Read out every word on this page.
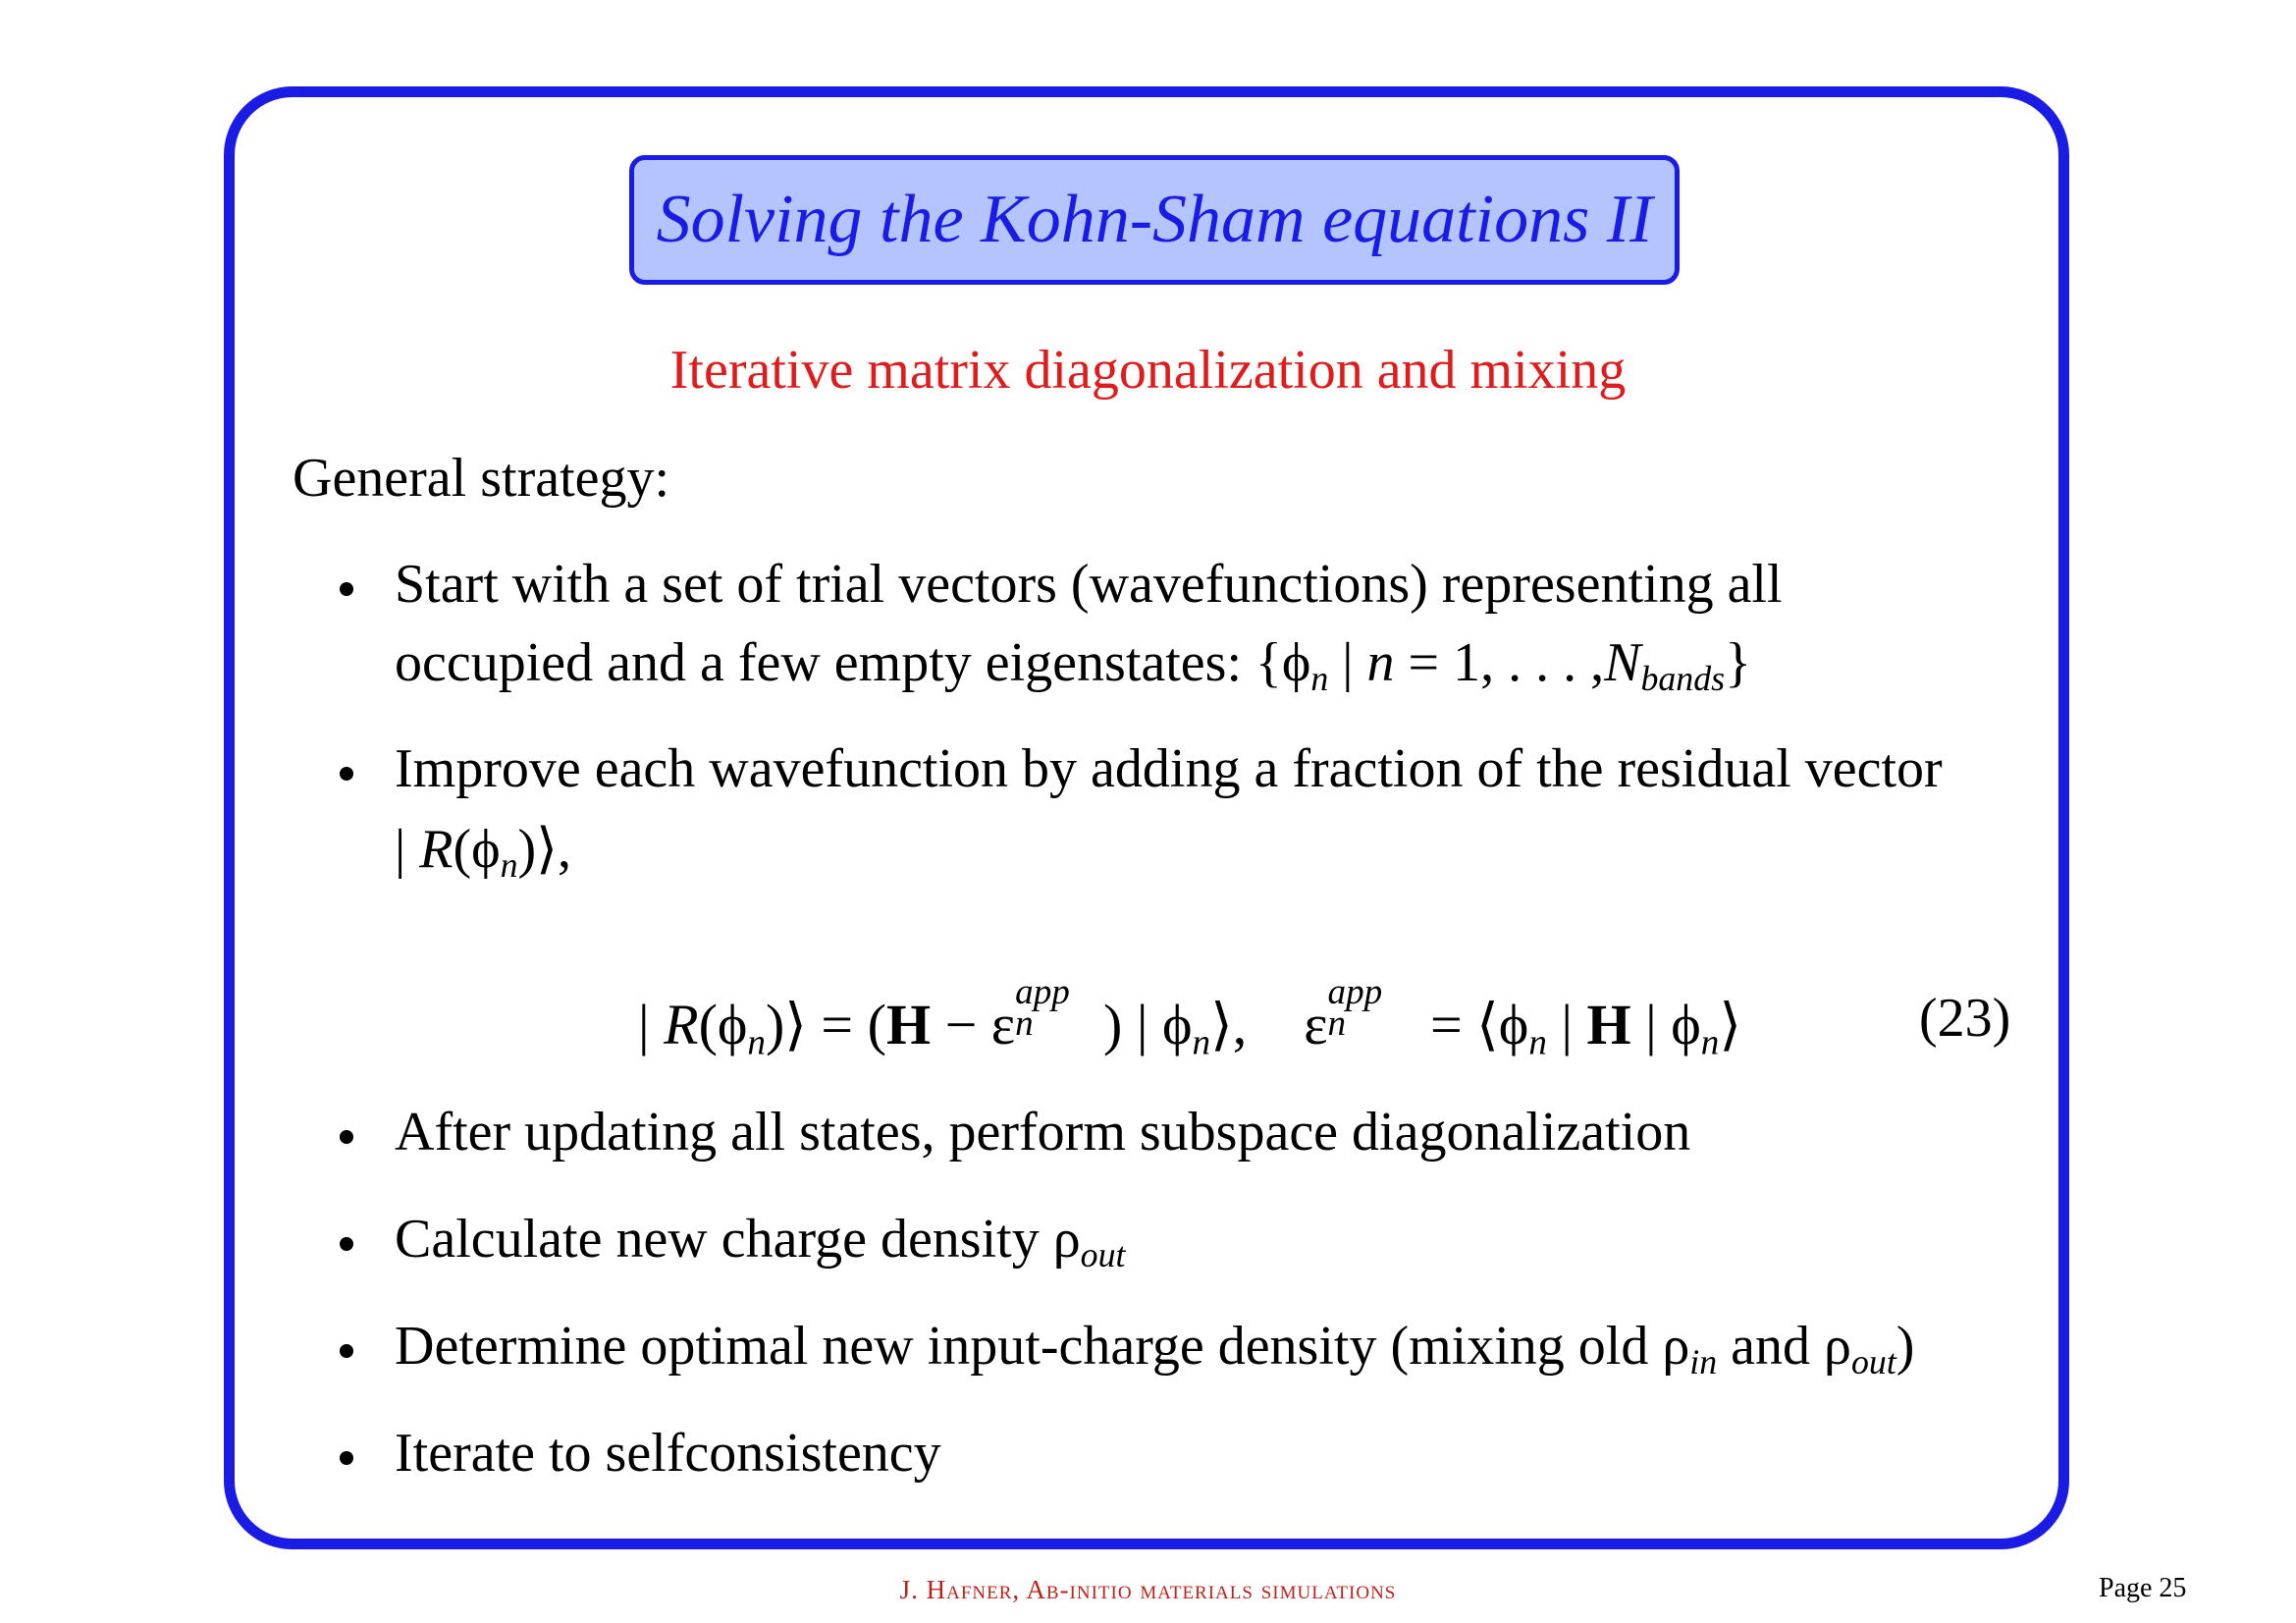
Solving the Kohn-Sham equations II
Iterative matrix diagonalization and mixing
General strategy:
Start with a set of trial vectors (wavefunctions) representing all
occupied and a few empty eigenstates: {$\phi_n$ | n = 1, . . . $,N_{bands}$}
Improve each wavefunction by adding a fraction of the residual vector
| $R(\phi_n)⟩$,
| $R(\phi_n)⟩ = (H - \varepsilon$
app
n ) | $\phi_n⟩$,    ε
app
$n = ⟨\phi_n$ | H | $\phi_n⟩$	(23)
After updating all states, perform subspace diagonalization
Calculate new charge density $\rho_{out}$
Determine optimal new input-charge density (mixing old $\rho_{in}$ and $\rho_{out}$)
Iterate to selfconsistency
J. Hafner, Ab-initio materials simulations	Page 25
